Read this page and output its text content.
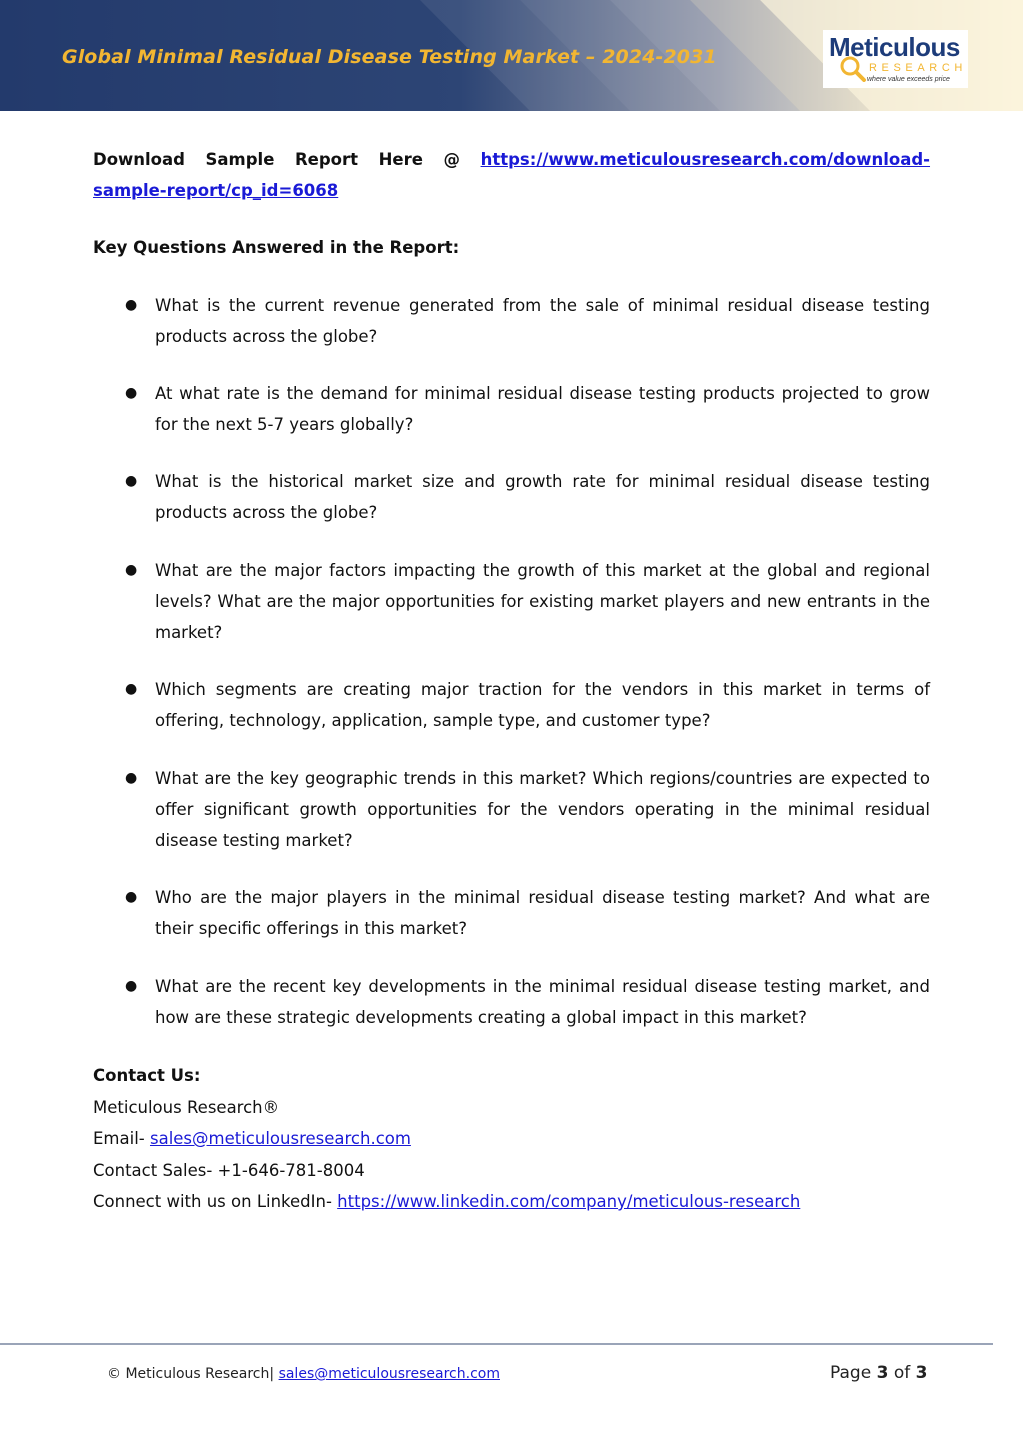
Global Minimal Residual Disease Testing Market – 2024-2031	Meticulous
RESEARCH
where value exceeds price
Download Sample Report Here @ https://www.meticulousresearch.com/download-
sample-report/cp_id=6068
Key Questions Answered in the Report:
● What is the current revenue generated from the sale of minimal residual disease testing products across the globe?
● At what rate is the demand for minimal residual disease testing products projected to grow for the next 5-7 years globally?
● What is the historical market size and growth rate for minimal residual disease testing products across the globe?
● What are the major factors impacting the growth of this market at the global and regional levels? What are the major opportunities for existing market players and new entrants in the market?
● Which segments are creating major traction for the vendors in this market in terms of offering, technology, application, sample type, and customer type?
● What are the key geographic trends in this market? Which regions/countries are expected to offer significant growth opportunities for the vendors operating in the minimal residual disease testing market?
● Who are the major players in the minimal residual disease testing market? And what are their specific offerings in this market?
● What are the recent key developments in the minimal residual disease testing market, and how are these strategic developments creating a global impact in this market?
Contact Us:
Meticulous Research®
Email- sales@meticulousresearch.com
Contact Sales- +1-646-781-8004
Connect with us on LinkedIn- https://www.linkedin.com/company/meticulous-research
© Meticulous Research| sales@meticulousresearch.com	Page 3 of 3
